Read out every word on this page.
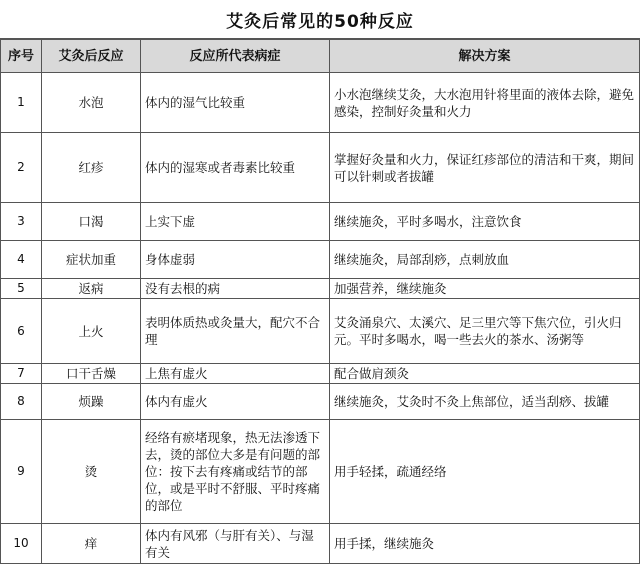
艾灸后常见的50种反应
序号	艾灸后反应	反应所代表病症	解决方案
1	水泡	体内的湿气比较重	小水泡继续艾灸，大水泡用针将里面的液体去除，避免感染，控制好灸量和火力
2	红疹	体内的湿寒或者毒素比较重	掌握好灸量和火力，保证红疹部位的清洁和干爽，期间可以针刺或者拔罐
3	口渴	上实下虚	继续施灸，平时多喝水，注意饮食
4	症状加重	身体虚弱	继续施灸，局部刮痧，点刺放血
5	返病	没有去根的病	加强营养，继续施灸
6	上火	表明体质热或灸量大，配穴不合理	艾灸涌泉穴、太溪穴、足三里穴等下焦穴位，引火归元。平时多喝水，喝一些去火的茶水、汤粥等
7	口干舌燥	上焦有虚火	配合做肩颈灸
8	烦躁	体内有虚火	继续施灸，艾灸时不灸上焦部位，适当刮痧、拔罐
9	烫	经络有瘀堵现象，热无法渗透下去，烫的部位大多是有问题的部位：按下去有疼痛或结节的部位，或是平时不舒服、平时疼痛的部位	用手轻揉，疏通经络
10	痒	体内有风邪（与肝有关）、与湿有关	用手揉，继续施灸
